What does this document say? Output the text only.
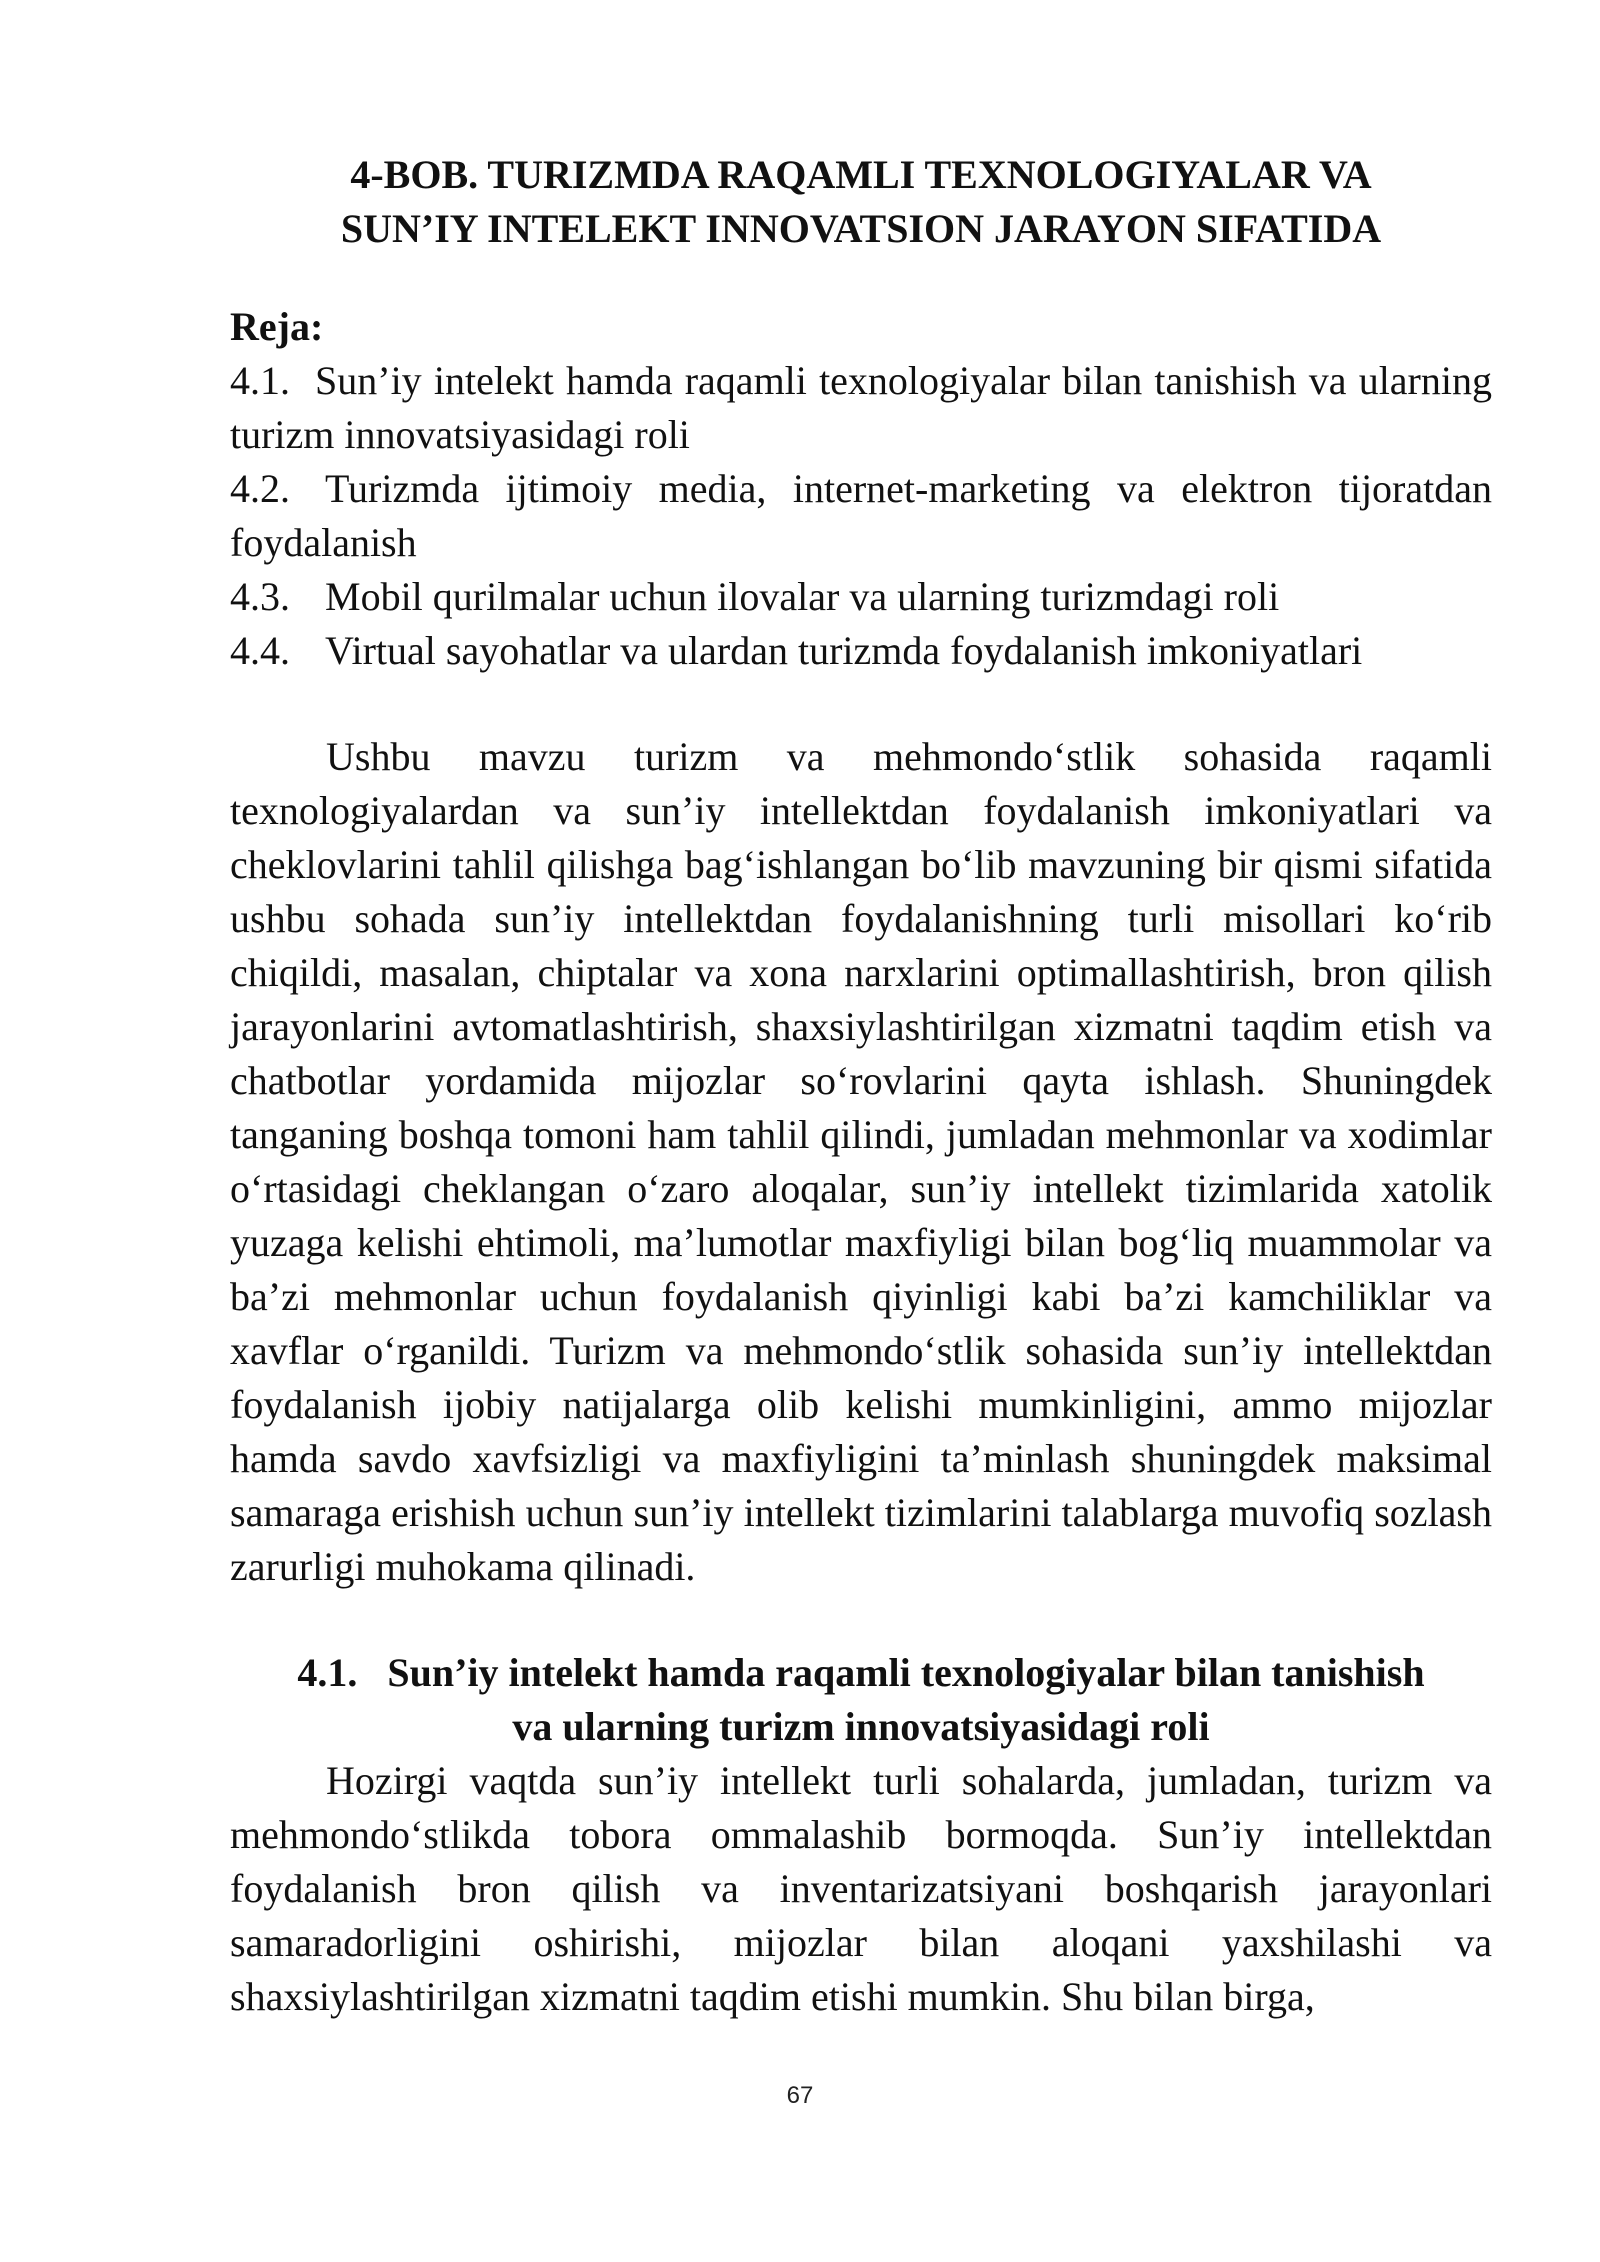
4-BOB. TURIZMDA RAQAMLI TEXNOLOGIYALAR VA
SUN’IY INTELEKT INNOVATSION JARAYON SIFATIDA

Reja:

4.1. Sun’iy intelekt hamda raqamli texnologiyalar bilan tanishish va ularning turizm innovatsiyasidagi roli
4.2. Turizmda ijtimoiy media, internet-marketing va elektron tijoratdan foydalanish
4.3. Mobil qurilmalar uchun ilovalar va ularning turizmdagi roli
4.4. Virtual sayohatlar va ulardan turizmda foydalanish imkoniyatlari

Ushbu mavzu turizm va mehmondo‘stlik sohasida raqamli texnologiyalardan va sun’iy intellektdan foydalanish imkoniyatlari va cheklovlarini tahlil qilishga bag‘ishlangan bo‘lib mavzuning bir qismi sifatida ushbu sohada sun’iy intellektdan foydalanishning turli misollari ko‘rib chiqildi, masalan, chiptalar va xona narxlarini optimallashtirish, bron qilish jarayonlarini avtomatlashtirish, shaxsiylashtirilgan xizmatni taqdim etish va chatbotlar yordamida mijozlar so‘rovlarini qayta ishlash. Shuningdek tanganing boshqa tomoni ham tahlil qilindi, jumladan mehmonlar va xodimlar o‘rtasidagi cheklangan o‘zaro aloqalar, sun’iy intellekt tizimlarida xatolik yuzaga kelishi ehtimoli, ma’lumotlar maxfiyligi bilan bog‘liq muammolar va ba’zi mehmonlar uchun foydalanish qiyinligi kabi ba’zi kamchiliklar va xavflar o‘rganildi. Turizm va mehmondo‘stlik sohasida sun’iy intellektdan foydalanish ijobiy natijalarga olib kelishi mumkinligini, ammo mijozlar hamda savdo xavfsizligi va maxfiyligini ta’minlash shuningdek maksimal samaraga erishish uchun sun’iy intellekt tizimlarini talablarga muvofiq sozlash zarurligi muhokama qilinadi.

4.1. Sun’iy intelekt hamda raqamli texnologiyalar bilan tanishish
va ularning turizm innovatsiyasidagi roli

Hozirgi vaqtda sun’iy intellekt turli sohalarda, jumladan, turizm va mehmondo‘stlikda tobora ommalashib bormoqda. Sun’iy intellektdan foydalanish bron qilish va inventarizatsiyani boshqarish jarayonlari samaradorligini oshirishi, mijozlar bilan aloqani yaxshilashi va shaxsiylashtirilgan xizmatni taqdim etishi mumkin. Shu bilan birga,

67
